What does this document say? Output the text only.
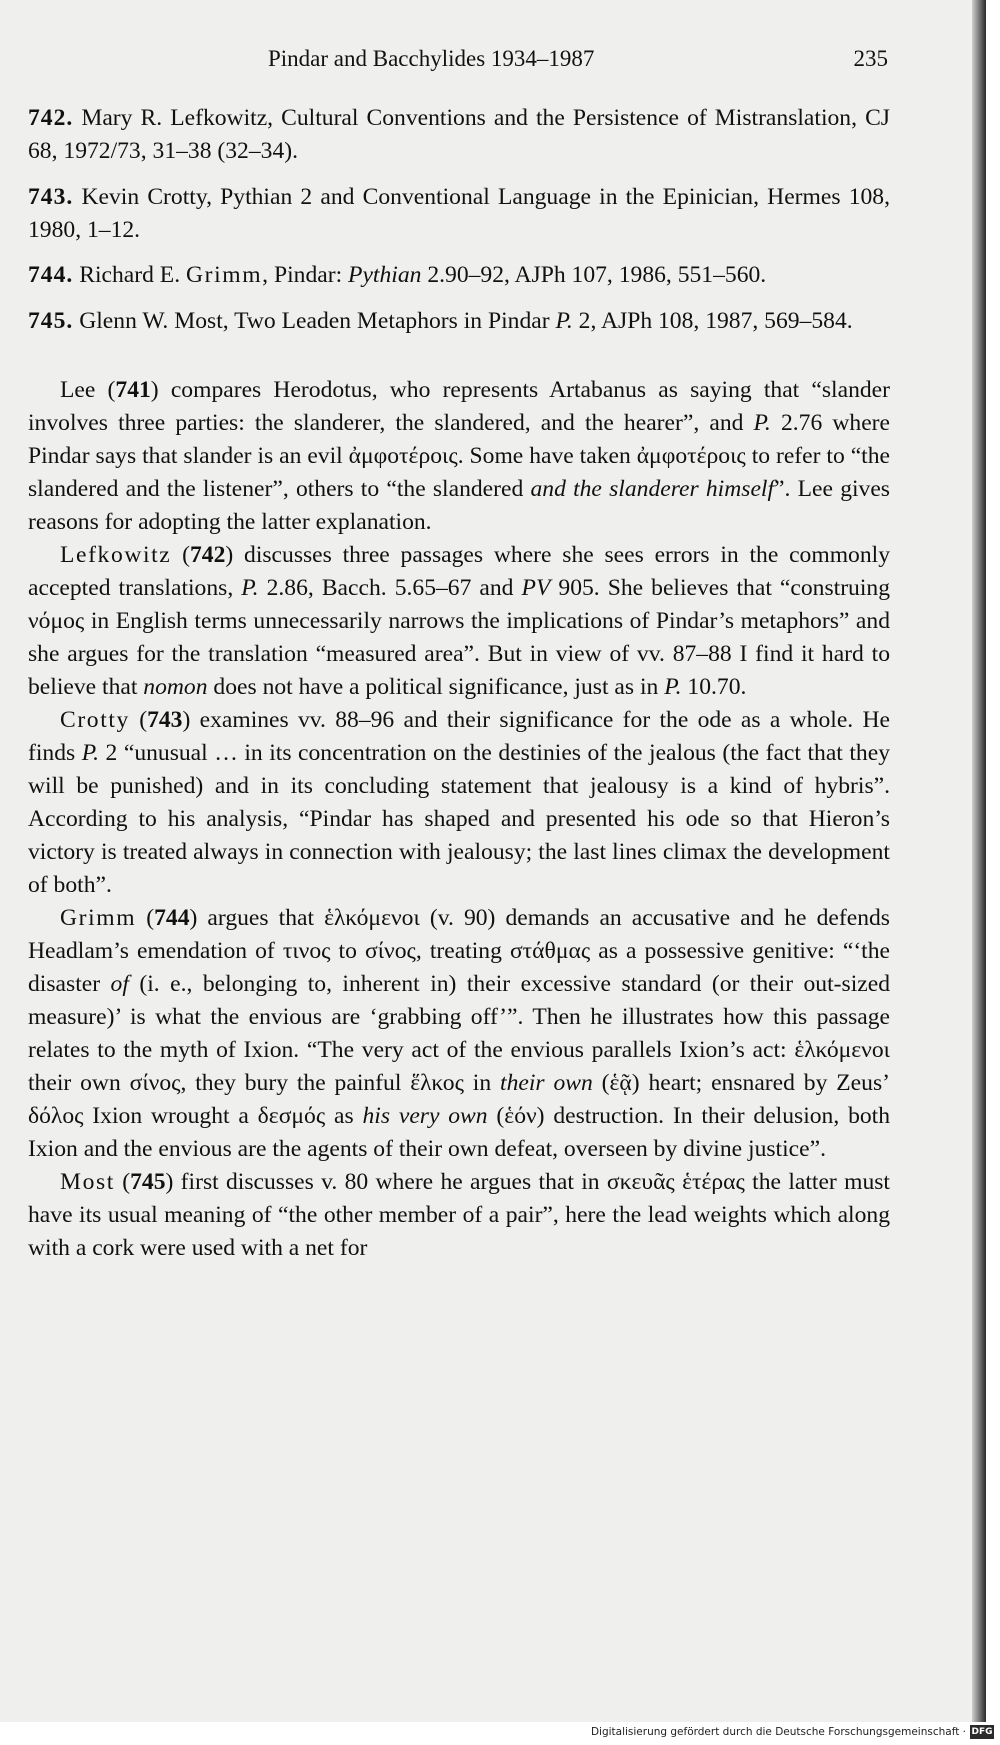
Pindar and Bacchylides 1934–1987	235

742. Mary R. Lefkowitz, Cultural Conventions and the Persistence of Mistranslation, CJ 68, 1972/73, 31–38 (32–34).

743. Kevin Crotty, Pythian 2 and Conventional Language in the Epinician, Hermes 108, 1980, 1–12.

744. Richard E. Grimm, Pindar: Pythian 2.90–92, AJPh 107, 1986, 551–560.

745. Glenn W. Most, Two Leaden Metaphors in Pindar P. 2, AJPh 108, 1987, 569–584.

Lee (741) compares Herodotus, who represents Artabanus as saying that “slander involves three parties: the slanderer, the slandered, and the hearer”, and P. 2.76 where Pindar says that slander is an evil ἀμφοτέροις. Some have taken ἀμφοτέροις to refer to “the slandered and the listener”, others to “the slandered and the slanderer himself”. Lee gives reasons for adopting the latter explanation.

Lefkowitz (742) discusses three passages where she sees errors in the commonly accepted translations, P. 2.86, Bacch. 5.65–67 and PV 905. She believes that “construing νόμος in English terms unnecessarily narrows the implications of Pindar’s metaphors” and she argues for the translation “measured area”. But in view of vv. 87–88 I find it hard to believe that nomon does not have a political significance, just as in P. 10.70.

Crotty (743) examines vv. 88–96 and their significance for the ode as a whole. He finds P. 2 “unusual … in its concentration on the destinies of the jealous (the fact that they will be punished) and in its concluding statement that jealousy is a kind of hybris”. According to his analysis, “Pindar has shaped and presented his ode so that Hieron’s victory is treated always in connection with jealousy; the last lines climax the development of both”.

Grimm (744) argues that ἑλκόμενοι (v. 90) demands an accusative and he defends Headlam’s emendation of τινος to σίνος, treating στάθμας as a possessive genitive: “‘the disaster of (i. e., belonging to, inherent in) their excessive standard (or their out-sized measure)’ is what the envious are ‘grabbing off’”. Then he illustrates how this passage relates to the myth of Ixion. “The very act of the envious parallels Ixion’s act: ἑλκόμενοι their own σίνος, they bury the painful ἕλκος in their own (ἑᾷ) heart; ensnared by Zeus’ δόλος Ixion wrought a δεσμός as his very own (ἑόν) destruction. In their delusion, both Ixion and the envious are the agents of their own defeat, overseen by divine justice”.

Most (745) first discusses v. 80 where he argues that in σκευᾶς ἑτέρας the latter must have its usual meaning of “the other member of a pair”, here the lead weights which along with a cork were used with a net for

Digitalisierung gefördert durch die Deutsche Forschungsgemeinschaft · DFG
